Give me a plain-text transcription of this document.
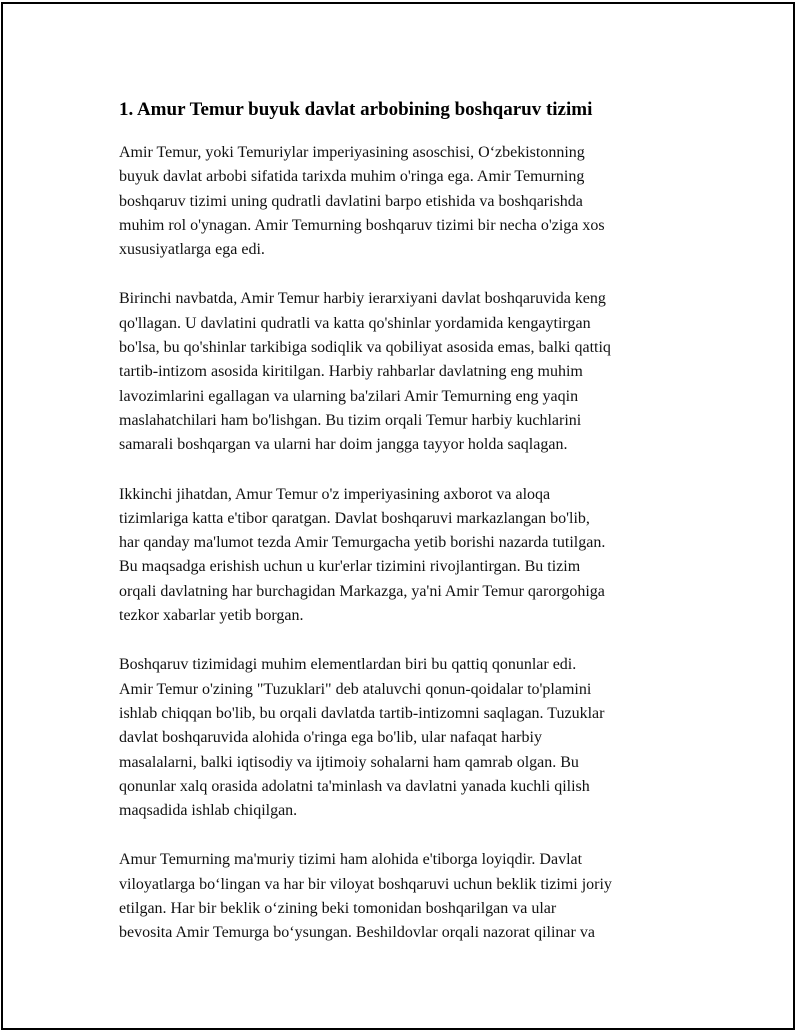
1. Amur Temur buyuk davlat arbobining boshqaruv tizimi

Amir Temur, yoki Temuriylar imperiyasining asoschisi, O‘zbekistonning
buyuk davlat arbobi sifatida tarixda muhim o'ringa ega. Amir Temurning
boshqaruv tizimi uning qudratli davlatini barpo etishida va boshqarishda
muhim rol o'ynagan. Amir Temurning boshqaruv tizimi bir necha o'ziga xos
xususiyatlarga ega edi.

Birinchi navbatda, Amir Temur harbiy ierarxiyani davlat boshqaruvida keng
qo'llagan. U davlatini qudratli va katta qo'shinlar yordamida kengaytirgan
bo'lsa, bu qo'shinlar tarkibiga sodiqlik va qobiliyat asosida emas, balki qattiq
tartib-intizom asosida kiritilgan. Harbiy rahbarlar davlatning eng muhim
lavozimlarini egallagan va ularning ba'zilari Amir Temurning eng yaqin
maslahatchilari ham bo'lishgan. Bu tizim orqali Temur harbiy kuchlarini
samarali boshqargan va ularni har doim jangga tayyor holda saqlagan.

Ikkinchi jihatdan, Amur Temur o'z imperiyasining axborot va aloqa
tizimlariga katta e'tibor qaratgan. Davlat boshqaruvi markazlangan bo'lib,
har qanday ma'lumot tezda Amir Temurgacha yetib borishi nazarda tutilgan.
Bu maqsadga erishish uchun u kur'erlar tizimini rivojlantirgan. Bu tizim
orqali davlatning har burchagidan Markazga, ya'ni Amir Temur qarorgohiga
tezkor xabarlar yetib borgan.

Boshqaruv tizimidagi muhim elementlardan biri bu qattiq qonunlar edi.
Amir Temur o'zining "Tuzuklari" deb ataluvchi qonun-qoidalar to'plamini
ishlab chiqqan bo'lib, bu orqali davlatda tartib-intizomni saqlagan. Tuzuklar
davlat boshqaruvida alohida o'ringa ega bo'lib, ular nafaqat harbiy
masalalarni, balki iqtisodiy va ijtimoiy sohalarni ham qamrab olgan. Bu
qonunlar xalq orasida adolatni ta'minlash va davlatni yanada kuchli qilish
maqsadida ishlab chiqilgan.

Amur Temurning ma'muriy tizimi ham alohida e'tiborga loyiqdir. Davlat
viloyatlarga bo‘lingan va har bir viloyat boshqaruvi uchun beklik tizimi joriy
etilgan. Har bir beklik o‘zining beki tomonidan boshqarilgan va ular
bevosita Amir Temurga bo‘ysungan. Beshildovlar orqali nazorat qilinar va
